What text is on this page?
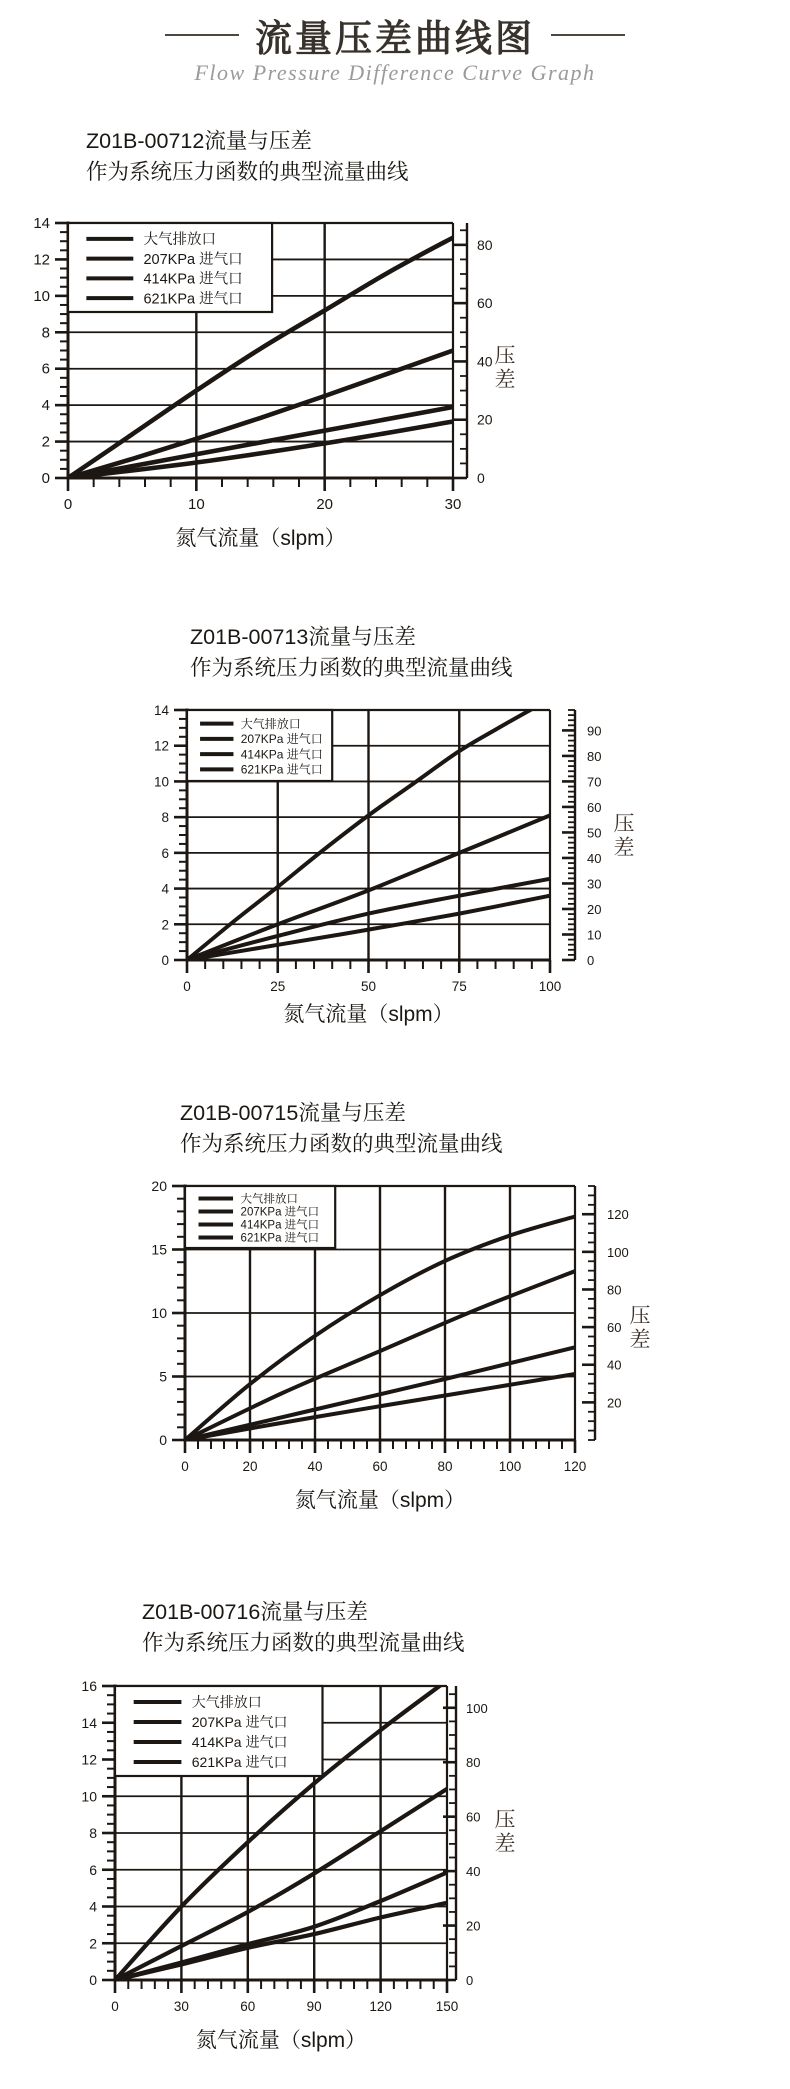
流量压差曲线图
Flow Pressure Difference Curve Graph
0
2
4
6
8
10
12
14
0	10	20	30
0
20
40
60
80
大气排放口
207KPa 进气口
414KPa 进气口
621KPa 进气口
0
2
4
6
8
10
12
14
0	25	50	75	100
0
10
20
30
40
50
60
70
80
90
大气排放口
207KPa 进气口
414KPa 进气口
621KPa 进气口
0
5
10
15
20
0	20	40	60	80	100	120
20
40
60
80
100
120
大气排放口
207KPa 进气口
414KPa 进气口
621KPa 进气口
0
2
4
6
8
10
12
14
16
0	30	60	90	120	150
0
20
40
60
80
100
大气排放口
207KPa 进气口
414KPa 进气口
621KPa 进气口
Z01B-00712流量与压差
作为系统压力函数的典型流量曲线
氮气流量（slpm）
压差
Z01B-00713流量与压差
作为系统压力函数的典型流量曲线
氮气流量（slpm）
压差
Z01B-00715流量与压差
作为系统压力函数的典型流量曲线
氮气流量（slpm）
压差
Z01B-00716流量与压差
作为系统压力函数的典型流量曲线
氮气流量（slpm）
压差
